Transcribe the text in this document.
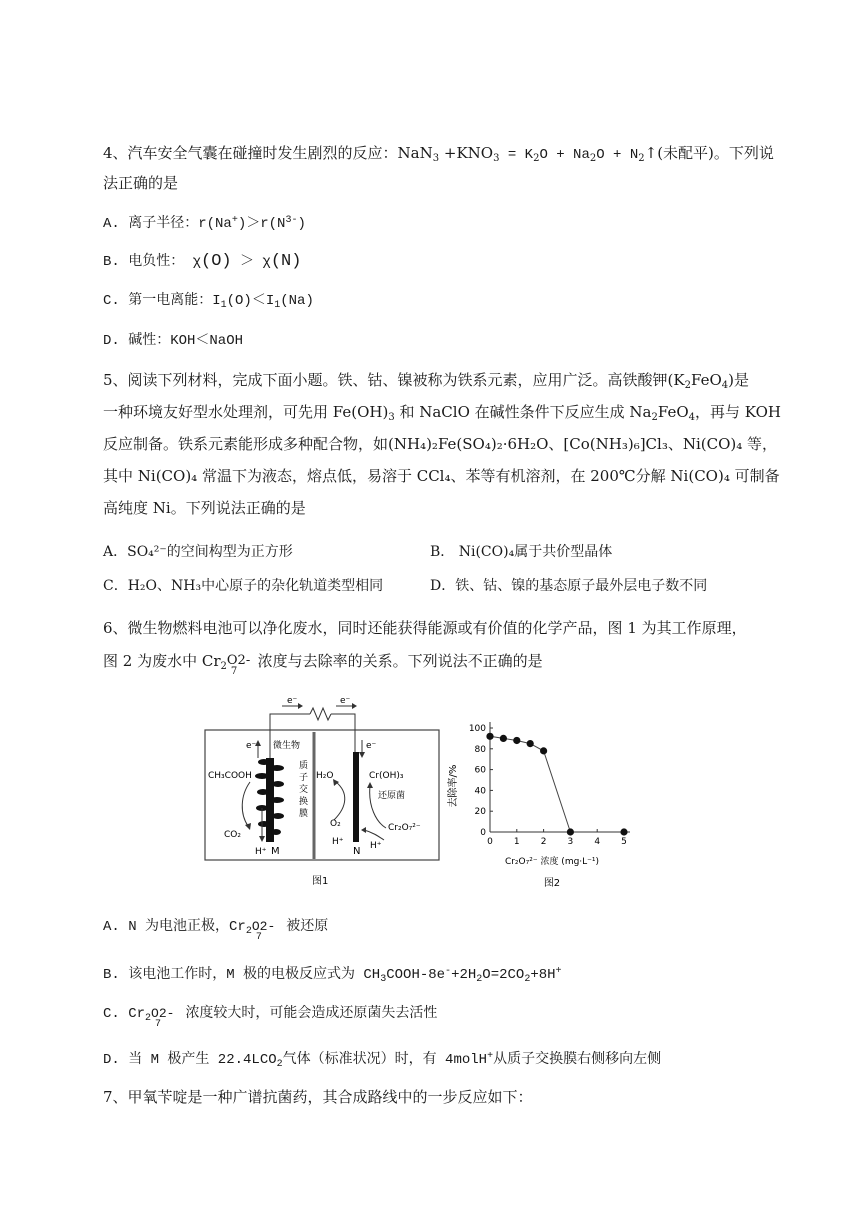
4、汽车安全气囊在碰撞时发生剧烈的反应：$NaN_3 +KNO_3 = K_2O + Na_2O$ + $N_2↑$(未配平)。下列说
法正确的是
A. 离子半径：$r(Na^+)>r(N^{3-})$
B. 电负性： χ(O) ＞ χ(N)
C. 第一电离能：$I_1(O)<I_1(Na)$
D. 碱性：KOH＜NaOH
5、阅读下列材料，完成下面小题。铁、钴、镍被称为铁系元素，应用广泛。高铁酸钾$(K_2FeO_4)$是
一种环境友好型水处理剂，可先用 $Fe(OH)_3$ 和 NaClO 在碱性条件下反应生成 $Na_2FeO_4$，再与 KOH
反应制备。铁系元素能形成多种配合物，如(NH₄)₂Fe(SO₄)₂·6H₂O、[Co(NH₃)₆]Cl₃、Ni(CO)₄ 等，
其中 Ni(CO)₄ 常温下为液态，熔点低，易溶于 CCl₄、苯等有机溶剂，在 200℃分解 Ni(CO)₄ 可制备
高纯度 Ni。下列说法正确的是
A．SO₄²⁻的空间构型为正方形	B． Ni(CO)₄属于共价型晶体
C．H₂O、NH₃中心原子的杂化轨道类型相同	D．铁、钴、镍的基态原子最外层电子数不同
6、微生物燃料电池可以净化废水，同时还能获得能源或有价值的化学产品，图 1 为其工作原理，
图 2 为废水中 $Cr_2$ O2-
7
浓度与去除率的关系。下列说法不正确的是
e⁻	e⁻
质
子
交
换
膜
微生物
e⁻
CH₃COOH
CO₂
H⁺ M
e⁻
H₂O
O₂
H⁺
N
Cr(OH)₃
还原菌
Cr₂O₇²⁻
H⁺
图1
0 1 2 3 4 5
0
20
40
60
80
100
去除率/%
Cr₂O₇²⁻ 浓度 (mg·L⁻¹)
图2
A. N 为电池正极，$Cr_2$ O2-
7
被还原
B. 该电池工作时，M 极的电极反应式为 $CH_3COOH-8e^-+2H_2O=2CO_2+8H^+$
C. $Cr_2$ O2-
7
浓度较大时，可能会造成还原菌失去活性
D. 当 M 极产生 $22.4LCO_2$气体（标准状况）时，有 4molH+从质子交换膜右侧移向左侧
7、甲氧苄啶是一种广谱抗菌药，其合成路线中的一步反应如下：
